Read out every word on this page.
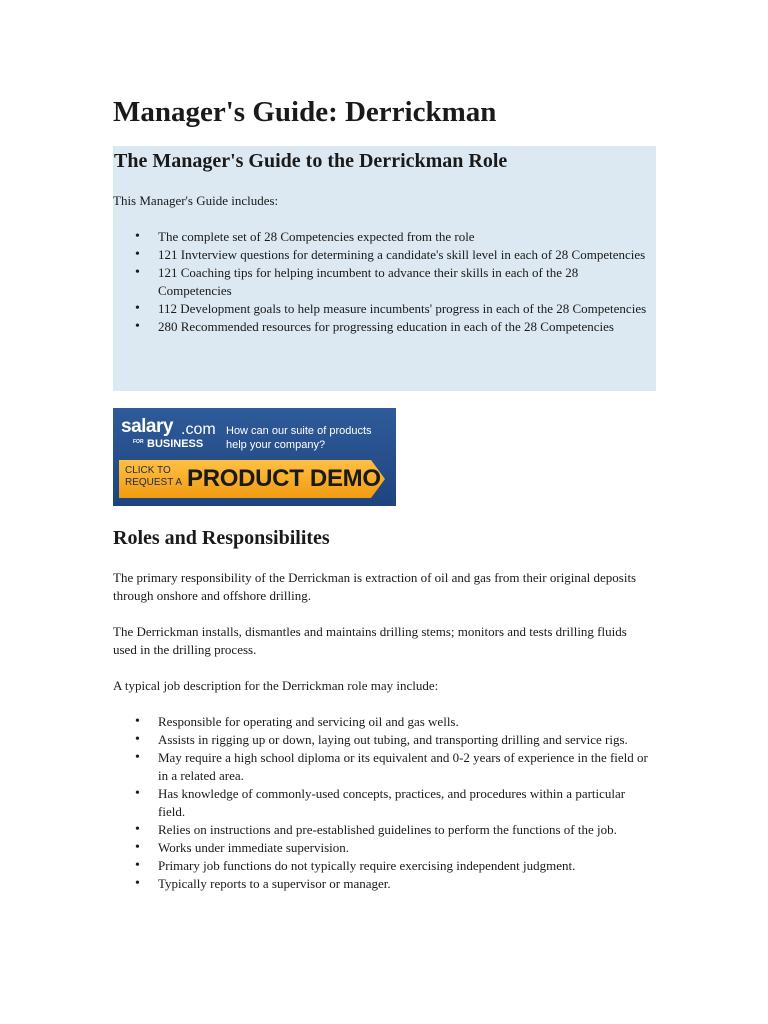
Manager's Guide: Derrickman
The Manager's Guide to the Derrickman Role

This Manager's Guide includes:

• The complete set of 28 Competencies expected from the role
• 121 Invterview questions for determining a candidate's skill level in each of 28 Competencies
• 121 Coaching tips for helping incumbent to advance their skills in each of the 28 Competencies
• 112 Development goals to help measure incumbents' progress in each of the 28 Competencies
• 280 Recommended resources for progressing education in each of the 28 Competencies
salary .com
FOR BUSINESS
How can our suite of products help your company?
CLICK TO REQUEST A PRODUCT DEMO
Roles and Responsibilites

The primary responsibility of the Derrickman is extraction of oil and gas from their original deposits through onshore and offshore drilling.

The Derrickman installs, dismantles and maintains drilling stems; monitors and tests drilling fluids used in the drilling process.

A typical job description for the Derrickman role may include:

• Responsible for operating and servicing oil and gas wells.
• Assists in rigging up or down, laying out tubing, and transporting drilling and service rigs.
• May require a high school diploma or its equivalent and 0-2 years of experience in the field or in a related area.
• Has knowledge of commonly-used concepts, practices, and procedures within a particular field.
• Relies on instructions and pre-established guidelines to perform the functions of the job.
• Works under immediate supervision.
• Primary job functions do not typically require exercising independent judgment.
• Typically reports to a supervisor or manager.
